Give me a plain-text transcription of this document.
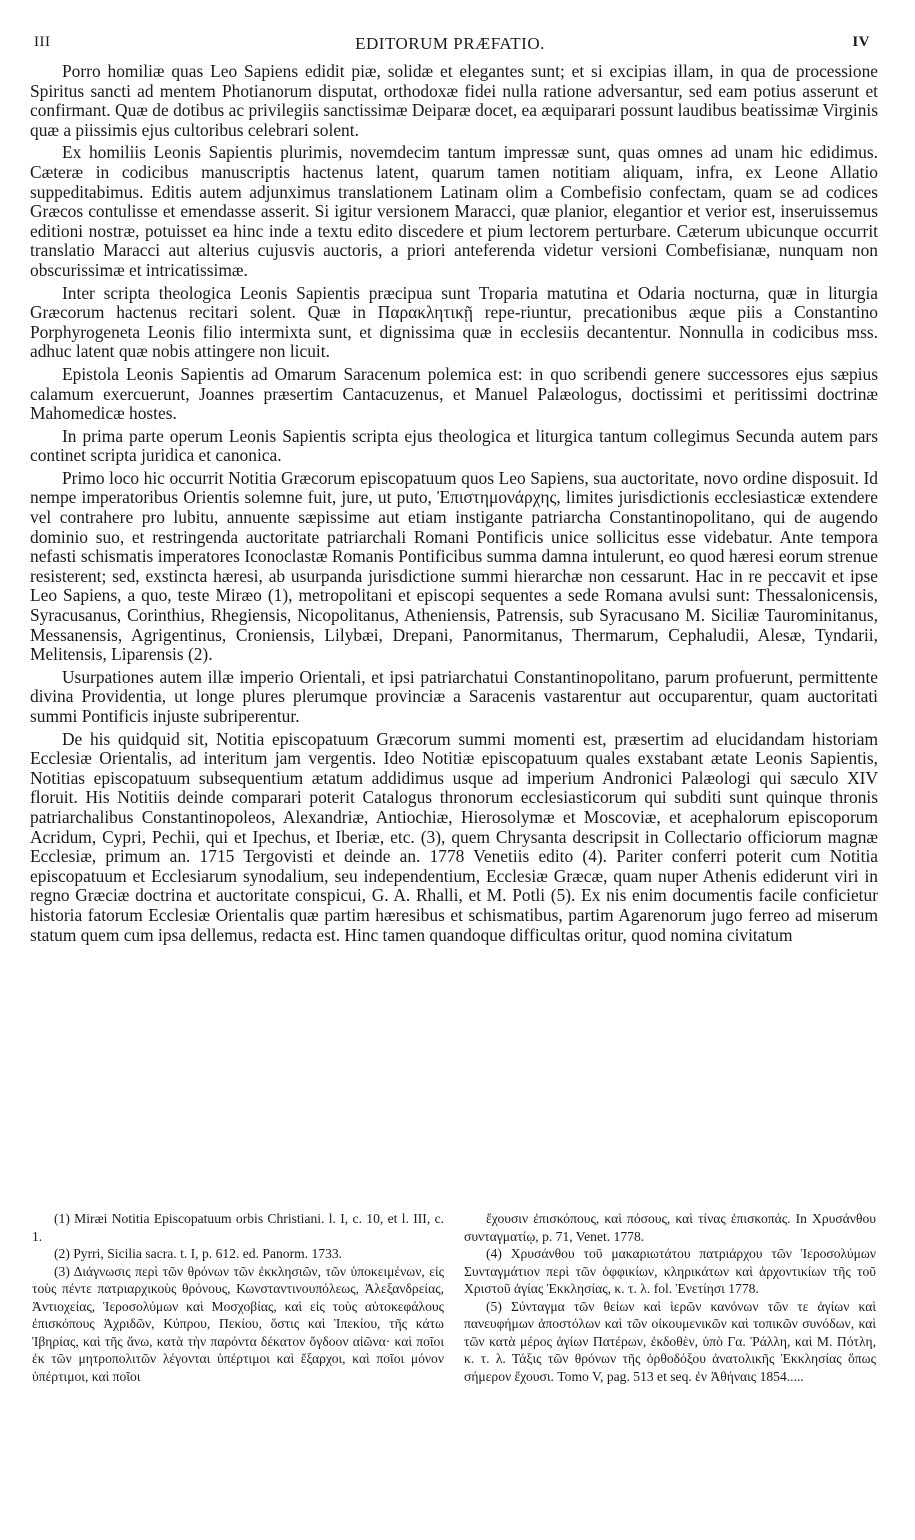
III	EDITORUM PRÆFATIO.	IV

Porro homiliæ quas Leo Sapiens edidit piæ, solidæ et elegantes sunt; et si excipias illam, in qua de processione Spiritus sancti ad mentem Photianorum disputat, orthodoxæ fidei nulla ratione adversantur, sed eam potius asserunt et confirmant. Quæ de dotibus ac privilegiis sanctissimæ Deiparæ docet, ea æquiparari possunt laudibus beatissimæ Virginis quæ a piissimis ejus cultoribus celebrari solent.

Ex homiliis Leonis Sapientis plurimis, novemdecim tantum impressæ sunt, quas omnes ad unam hic edidimus. Cæteræ in codicibus manuscriptis hactenus latent, quarum tamen notitiam aliquam, infra, ex Leone Allatio suppeditabimus. Editis autem adjunximus translationem Latinam olim a Combefisio confectam, quam se ad codices Græcos contulisse et emendasse asserit. Si igitur versionem Maracci, quæ planior, elegantior et verior est, inseruissemus editioni nostræ, potuisset ea hinc inde a textu edito discedere et pium lectorem perturbare. Cæterum ubicunque occurrit translatio Maracci aut alterius cujusvis auctoris, a priori anteferenda videtur versioni Combefisianæ, nunquam non obscurissimæ et intricatissimæ.

Inter scripta theologica Leonis Sapientis præcipua sunt Troparia matutina et Odaria nocturna, quæ in liturgia Græcorum hactenus recitari solent. Quæ in Παρακλητικῇ repe-riuntur, precationibus æque piis a Constantino Porphyrogeneta Leonis filio intermixta sunt, et dignissima quæ in ecclesiis decantentur. Nonnulla in codicibus mss. adhuc latent quæ nobis attingere non licuit.

Epistola Leonis Sapientis ad Omarum Saracenum polemica est: in quo scribendi genere successores ejus sæpius calamum exercuerunt, Joannes præsertim Cantacuzenus, et Manuel Palæologus, doctissimi et peritissimi doctrinæ Mahomedicæ hostes.

In prima parte operum Leonis Sapientis scripta ejus theologica et liturgica tantum collegimus Secunda autem pars continet scripta juridica et canonica.

Primo loco hic occurrit Notitia Græcorum episcopatuum quos Leo Sapiens, sua auctoritate, novo ordine disposuit. Id nempe imperatoribus Orientis solemne fuit, jure, ut puto, Ἐπιστημονάρχης, limites jurisdictionis ecclesiasticæ extendere vel contrahere pro lubitu, annuente sæpissime aut etiam instigante patriarcha Constantinopolitano, qui de augendo dominio suo, et restringenda auctoritate patriarchali Romani Pontificis unice sollicitus esse videbatur. Ante tempora nefasti schismatis imperatores Iconoclastæ Romanis Pontificibus summa damna intulerunt, eo quod hæresi eorum strenue resisterent; sed, exstincta hæresi, ab usurpanda jurisdictione summi hierarchæ non cessarunt. Hac in re peccavit et ipse Leo Sapiens, a quo, teste Miræo (1), metropolitani et episcopi sequentes a sede Romana avulsi sunt: Thessalonicensis, Syracusanus, Corinthius, Rhegiensis, Nicopolitanus, Atheniensis, Patrensis, sub Syracusano M. Siciliæ Taurominitanus, Messanensis, Agrigentinus, Croniensis, Lilybæi, Drepani, Panormitanus, Thermarum, Cephaludii, Alesæ, Tyndarii, Melitensis, Liparensis (2).

Usurpationes autem illæ imperio Orientali, et ipsi patriarchatui Constantinopolitano, parum profuerunt, permittente divina Providentia, ut longe plures plerumque provinciæ a Saracenis vastarentur aut occuparentur, quam auctoritati summi Pontificis injuste subriperentur.

De his quidquid sit, Notitia episcopatuum Græcorum summi momenti est, præsertim ad elucidandam historiam Ecclesiæ Orientalis, ad interitum jam vergentis. Ideo Notitiæ episcopatuum quales exstabant ætate Leonis Sapientis, Notitias episcopatuum subsequentium ætatum addidimus usque ad imperium Andronici Palæologi qui sæculo XIV floruit. His Notitiis deinde comparari poterit Catalogus thronorum ecclesiasticorum qui subditi sunt quinque thronis patriarchalibus Constantinopoleos, Alexandriæ, Antiochiæ, Hierosolymæ et Moscoviæ, et acephalorum episcoporum Acridum, Cypri, Pechii, qui et Ipechus, et Iberiæ, etc. (3), quem Chrysanta descripsit in Collectario officiorum magnæ Ecclesiæ, primum an. 1715 Tergovisti et deinde an. 1778 Venetiis edito (4). Pariter conferri poterit cum Notitia episcopatuum et Ecclesiarum synodalium, seu independentium, Ecclesiæ Græcæ, quam nuper Athenis ediderunt viri in regno Græciæ doctrina et auctoritate conspicui, G. A. Rhalli, et M. Potli (5). Ex nis enim documentis facile conficietur historia fatorum Ecclesiæ Orientalis quæ partim hæresibus et schismatibus, partim Agarenorum jugo ferreo ad miserum statum quem cum ipsa dellemus, redacta est. Hinc tamen quandoque difficultas oritur, quod nomina civitatum

(1) Miræi Notitia Episcopatuum orbis Christiani. l. I, c. 10, et l. III, c. 1.

(2) Pyrri, Sicilia sacra. t. I, p. 612. ed. Panorm. 1733.

(3) Διάγνωσις περὶ τῶν θρόνων τῶν ἐκκλησιῶν, τῶν ὑποκειμένων, εἰς τοὺς πέντε πατριαρχικοὺς θρόνους, Κωνσταντινουπόλεως, Ἀλεξανδρείας, Ἀντιοχείας, Ἱεροσολύμων καὶ Μοσχοβίας, καὶ εἰς τοὺς αὐτοκεφάλους ἐπισκόπους Ἀχριδῶν, Κύπρου, Πεκίου, ὅστις καὶ Ἰπεκίου, τῆς κάτω Ἰβηρίας, καὶ τῆς ἄνω, κατὰ τὴν παρόντα δέκατον ὄγδοον αἰῶνα· καὶ ποῖοι ἐκ τῶν μητροπολιτῶν λέγονται ὑπέρτιμοι καὶ ἔξαρχοι, καὶ ποῖοι μόνον ὑπέρτιμοι, καὶ ποῖοι

ἔχουσιν ἐπισκόπους, καὶ πόσους, καὶ τίνας ἐπισκοπάς. In Χρυσάνθου συνταγματίῳ, p. 71, Venet. 1778.

(4) Χρυσάνθου τοῦ μακαριωτάτου πατριάρχου τῶν Ἱεροσολύμων Συνταγμάτιον περὶ τῶν ὀφφικίων, κληρικάτων καὶ ἀρχοντικίων τῆς τοῦ Χριστοῦ ἁγίας Ἐκκλησίας, κ. τ. λ. fol. Ἐνετίησι 1778.

(5) Σύνταγμα τῶν θείων καὶ ἱερῶν κανόνων τῶν τε ἁγίων καὶ πανευφήμων ἀποστόλων καὶ τῶν οἰκουμενικῶν καὶ τοπικῶν συνόδων, καὶ τῶν κατὰ μέρος ἁγίων Πατέρων, ἐκδοθὲν, ὑπὸ Γα. Ῥάλλη, καὶ Μ. Πότλη, κ. τ. λ. Τάξις τῶν θρόνων τῆς ὀρθοδόξου ἀνατολικῆς Ἐκκλησίας ὅπως σήμερον ἔχουσι. Tomo V, pag. 513 et seq. ἐν Ἀθήναις 1854.....
